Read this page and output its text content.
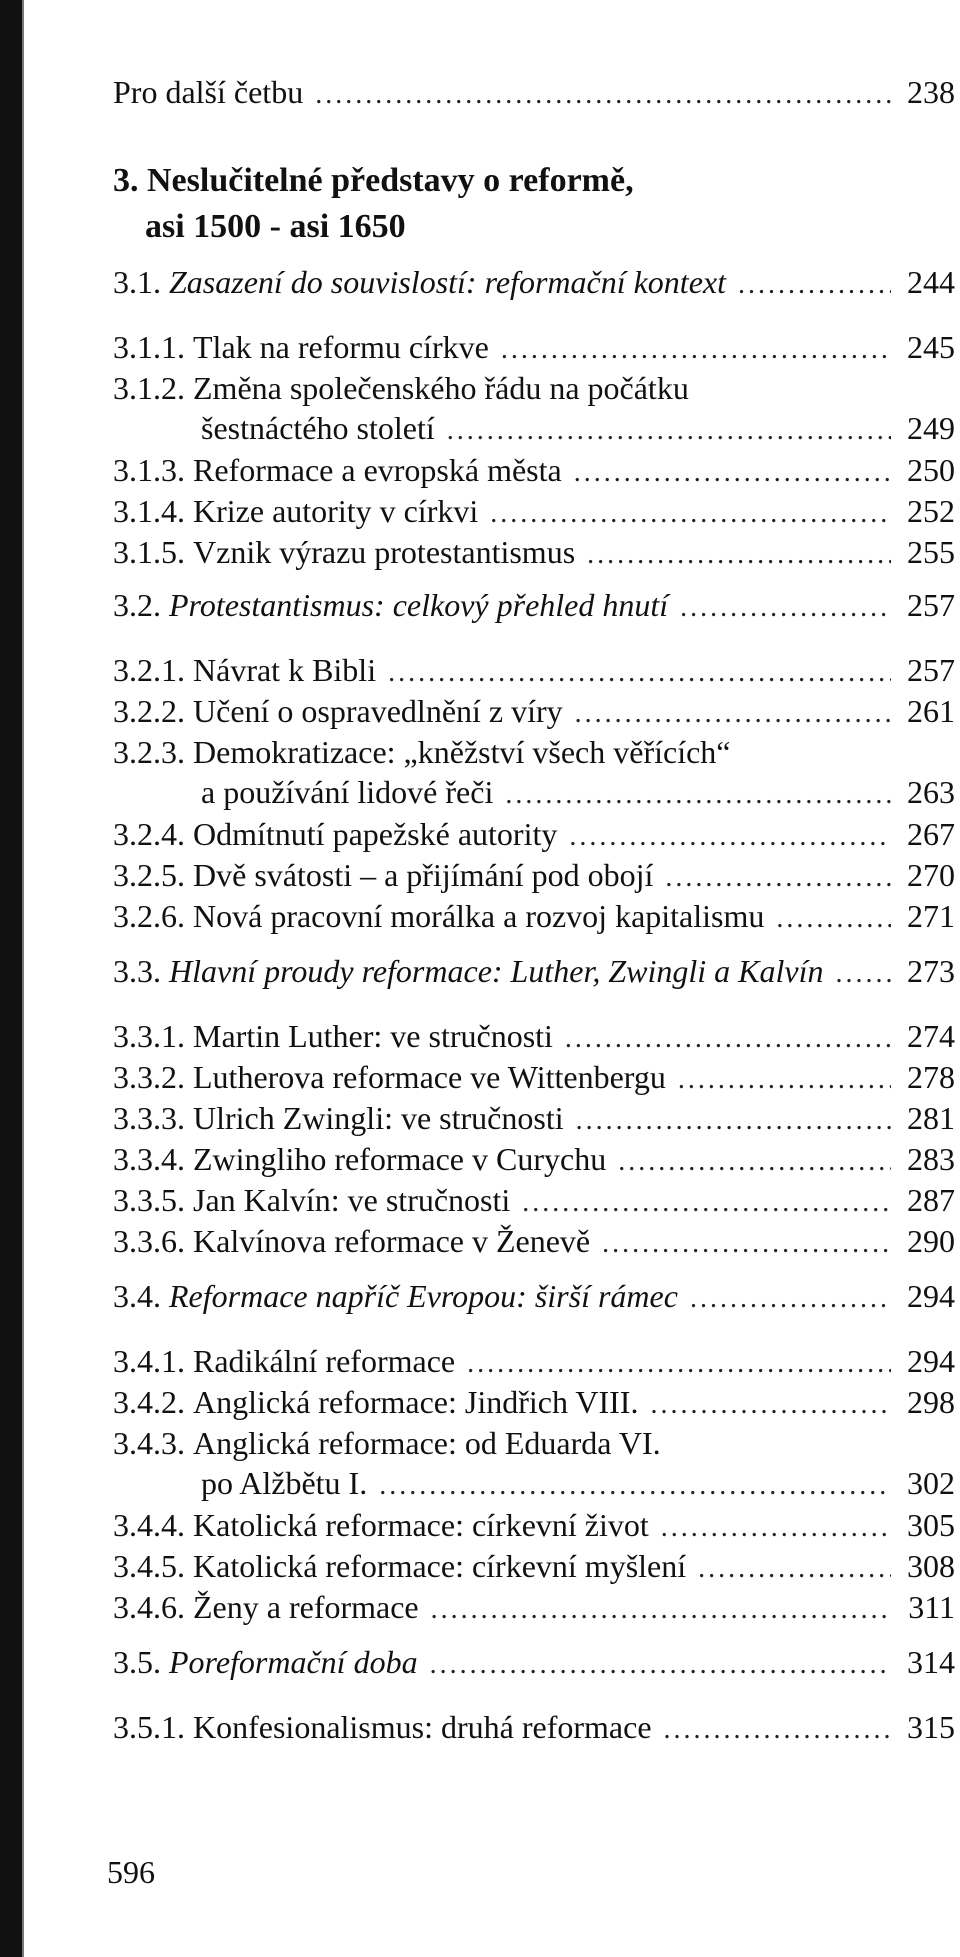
Pro další četbu .....	238
3. Neslučitelné představy o reformě,
asi 1500 - asi 1650
3.1. Zasazení do souvislostí: reformační kontext .....	244
3.1.1. Tlak na reformu církve .....	245
3.1.2. Změna společenského řádu na počátku
šestnáctého století .....	249
3.1.3. Reformace a evropská města .....	250
3.1.4. Krize autority v církvi .....	252
3.1.5. Vznik výrazu protestantismus .....	255
3.2. Protestantismus: celkový přehled hnutí .....	257
3.2.1. Návrat k Bibli .....	257
3.2.2. Učení o ospravedlnění z víry .....	261
3.2.3. Demokratizace: „kněžství všech věřících“
a používání lidové řeči .....	263
3.2.4. Odmítnutí papežské autority .....	267
3.2.5. Dvě svátosti – a přijímání pod obojí .....	270
3.2.6. Nová pracovní morálka a rozvoj kapitalismu .....	271
3.3. Hlavní proudy reformace: Luther, Zwingli a Kalvín .....	273
3.3.1. Martin Luther: ve stručnosti .....	274
3.3.2. Lutherova reformace ve Wittenbergu .....	278
3.3.3. Ulrich Zwingli: ve stručnosti .....	281
3.3.4. Zwingliho reformace v Curychu .....	283
3.3.5. Jan Kalvín: ve stručnosti .....	287
3.3.6. Kalvínova reformace v Ženevě .....	290
3.4. Reformace napříč Evropou: širší rámec .....	294
3.4.1. Radikální reformace .....	294
3.4.2. Anglická reformace: Jindřich VIII. .....	298
3.4.3. Anglická reformace: od Eduarda VI.
po Alžbětu I. .....	302
3.4.4. Katolická reformace: církevní život .....	305
3.4.5. Katolická reformace: církevní myšlení .....	308
3.4.6. Ženy a reformace .....	311
3.5. Poreformační doba .....	314
3.5.1. Konfesionalismus: druhá reformace .....	315
596
